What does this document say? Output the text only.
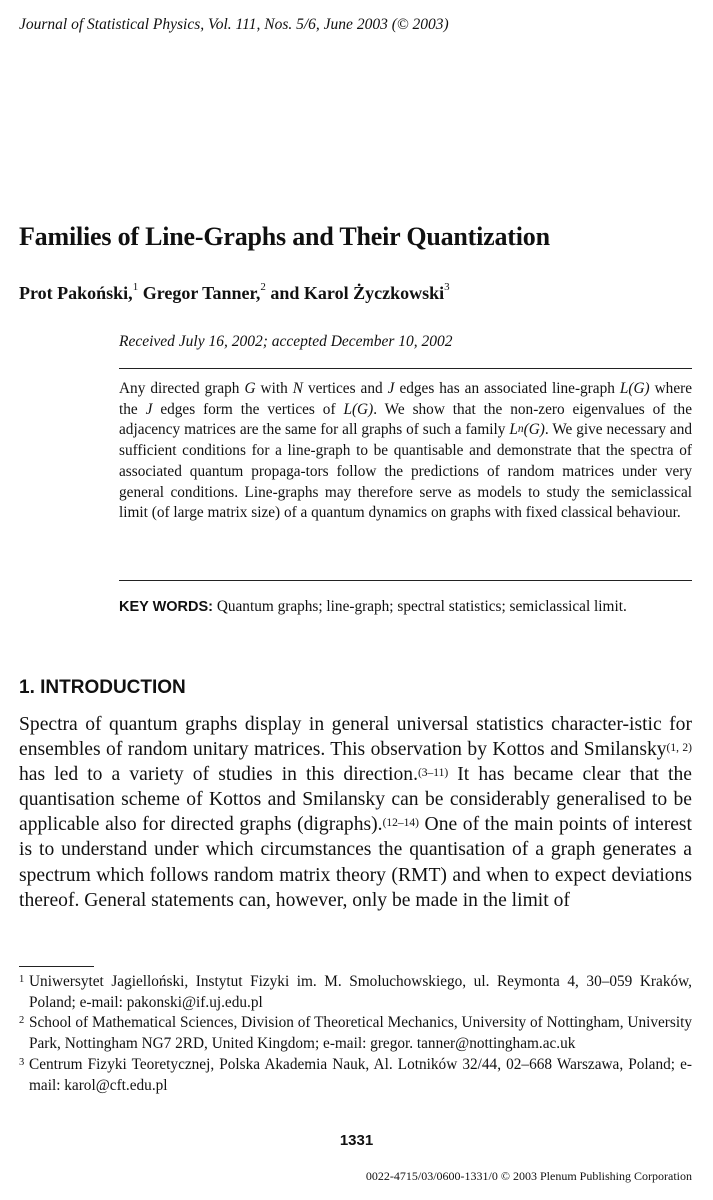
Journal of Statistical Physics, Vol. 111, Nos. 5/6, June 2003 (© 2003)
Families of Line-Graphs and Their Quantization
Prot Pakoński,$^1$ Gregor Tanner,$^2$ and Karol Życzkowski$^3$
Received July 16, 2002; accepted December 10, 2002
Any directed graph G with N vertices and J edges has an associated line-graph L(G) where the J edges form the vertices of L(G). We show that the non-zero eigenvalues of the adjacency matrices are the same for all graphs of such a family $L^n(G)$. We give necessary and sufficient conditions for a line-graph to be quantisable and demonstrate that the spectra of associated quantum propaga-tors follow the predictions of random matrices under very general conditions. Line-graphs may therefore serve as models to study the semiclassical limit (of large matrix size) of a quantum dynamics on graphs with fixed classical behaviour.
KEY WORDS: Quantum graphs; line-graph; spectral statistics; semiclassical limit.
1. INTRODUCTION
Spectra of quantum graphs display in general universal statistics character-istic for ensembles of random unitary matrices. This observation by Kottos and Smilansky$^{(1, 2)}$ has led to a variety of studies in this direction.$^{(3-11)}$ It has became clear that the quantisation scheme of Kottos and Smilansky can be considerably generalised to be applicable also for directed graphs (digraphs).$^{(12-14)}$ One of the main points of interest is to understand under which circumstances the quantisation of a graph generates a spectrum which follows random matrix theory (RMT) and when to expect deviations thereof. General statements can, however, only be made in the limit of
1 Uniwersytet Jagielloński, Instytut Fizyki im. M. Smoluchowskiego, ul. Reymonta 4, 30–059 Kraków, Poland; e-mail: pakonski@if.uj.edu.pl
2 School of Mathematical Sciences, Division of Theoretical Mechanics, University of Nottingham, University Park, Nottingham NG7 2RD, United Kingdom; e-mail: gregor. tanner@nottingham.ac.uk
3 Centrum Fizyki Teoretycznej, Polska Akademia Nauk, Al. Lotników 32/44, 02–668 Warszawa, Poland; e-mail: karol@cft.edu.pl
1331
0022-4715/03/0600-1331/0 © 2003 Plenum Publishing Corporation
